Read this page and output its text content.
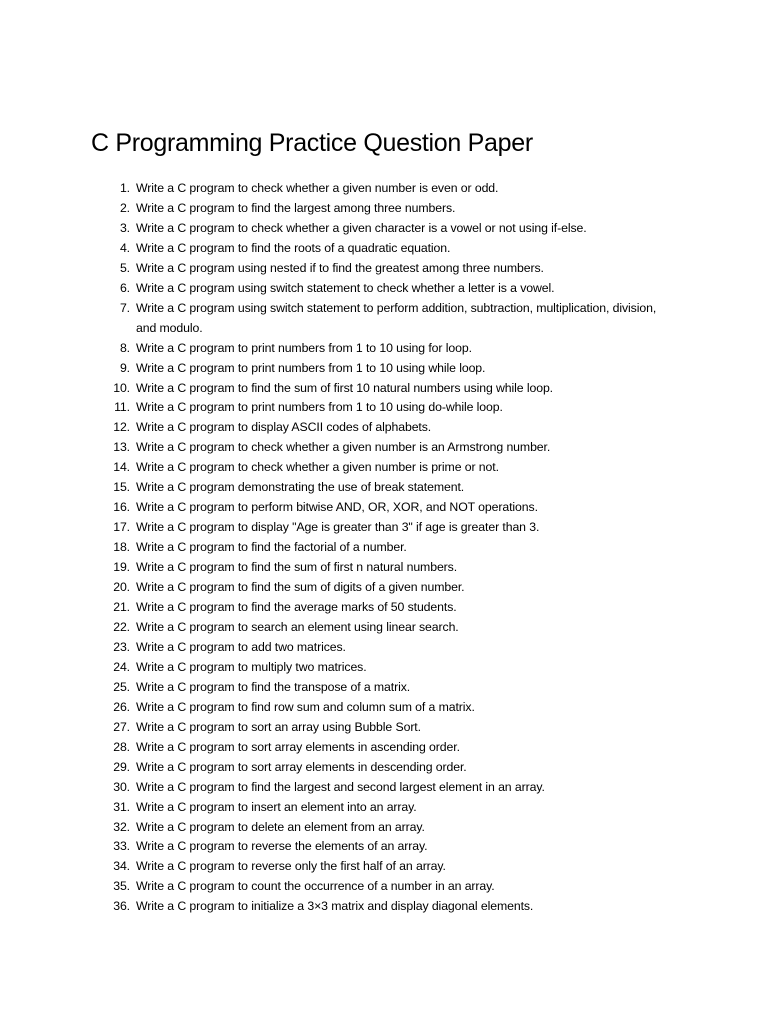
C Programming Practice Question Paper
1. Write a C program to check whether a given number is even or odd.
2. Write a C program to find the largest among three numbers.
3. Write a C program to check whether a given character is a vowel or not using if-else.
4. Write a C program to find the roots of a quadratic equation.
5. Write a C program using nested if to find the greatest among three numbers.
6. Write a C program using switch statement to check whether a letter is a vowel.
7. Write a C program using switch statement to perform addition, subtraction, multiplication, division, and modulo.
8. Write a C program to print numbers from 1 to 10 using for loop.
9. Write a C program to print numbers from 1 to 10 using while loop.
10. Write a C program to find the sum of first 10 natural numbers using while loop.
11. Write a C program to print numbers from 1 to 10 using do-while loop.
12. Write a C program to display ASCII codes of alphabets.
13. Write a C program to check whether a given number is an Armstrong number.
14. Write a C program to check whether a given number is prime or not.
15. Write a C program demonstrating the use of break statement.
16. Write a C program to perform bitwise AND, OR, XOR, and NOT operations.
17. Write a C program to display "Age is greater than 3" if age is greater than 3.
18. Write a C program to find the factorial of a number.
19. Write a C program to find the sum of first n natural numbers.
20. Write a C program to find the sum of digits of a given number.
21. Write a C program to find the average marks of 50 students.
22. Write a C program to search an element using linear search.
23. Write a C program to add two matrices.
24. Write a C program to multiply two matrices.
25. Write a C program to find the transpose of a matrix.
26. Write a C program to find row sum and column sum of a matrix.
27. Write a C program to sort an array using Bubble Sort.
28. Write a C program to sort array elements in ascending order.
29. Write a C program to sort array elements in descending order.
30. Write a C program to find the largest and second largest element in an array.
31. Write a C program to insert an element into an array.
32. Write a C program to delete an element from an array.
33. Write a C program to reverse the elements of an array.
34. Write a C program to reverse only the first half of an array.
35. Write a C program to count the occurrence of a number in an array.
36. Write a C program to initialize a 3×3 matrix and display diagonal elements.
